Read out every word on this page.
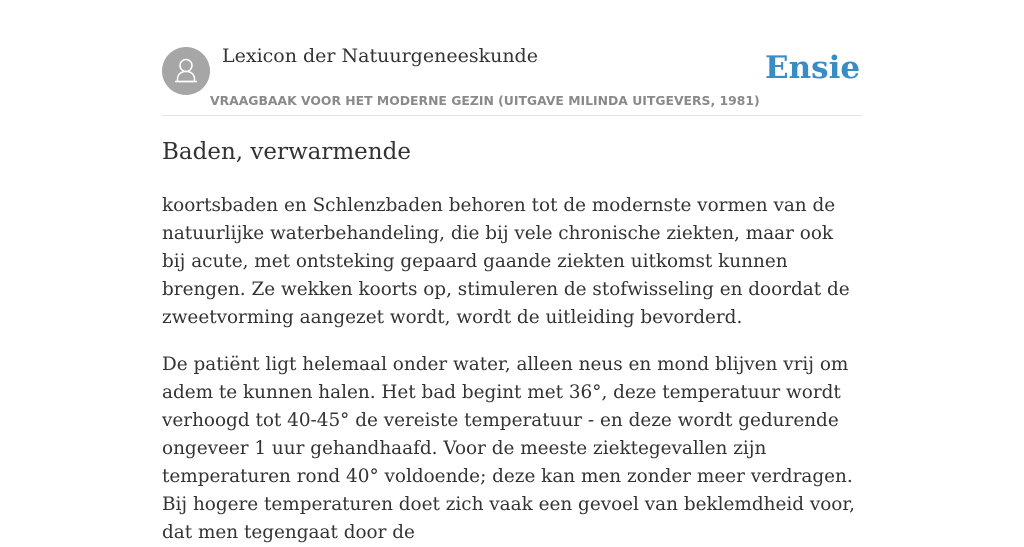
Lexicon der Natuurgeneeskunde
VRAAGBAAK VOOR HET MODERNE GEZIN (UITGAVE MILINDA UITGEVERS, 1981)
Ensie
Baden, verwarmende

koortsbaden en Schlenzbaden behoren tot de modernste vormen van de natuurlijke waterbehandeling, die bij vele chronische ziekten, maar ook bij acute, met ontsteking gepaard gaande ziekten uitkomst kunnen brengen. Ze wekken koorts op, stimuleren de stofwisseling en doordat de zweetvorming aangezet wordt, wordt de uitleiding bevorderd.

De patiënt ligt helemaal onder water, alleen neus en mond blijven vrij om adem te kunnen halen. Het bad begint met 36°, deze temperatuur wordt verhoogd tot 40-45° de vereiste temperatuur - en deze wordt gedurende ongeveer 1 uur gehandhaafd. Voor de meeste ziektegevallen zijn temperaturen rond 40° voldoende; deze kan men zonder meer verdragen. Bij hogere temperaturen doet zich vaak een gevoel van beklemdheid voor, dat men tegengaat door de
